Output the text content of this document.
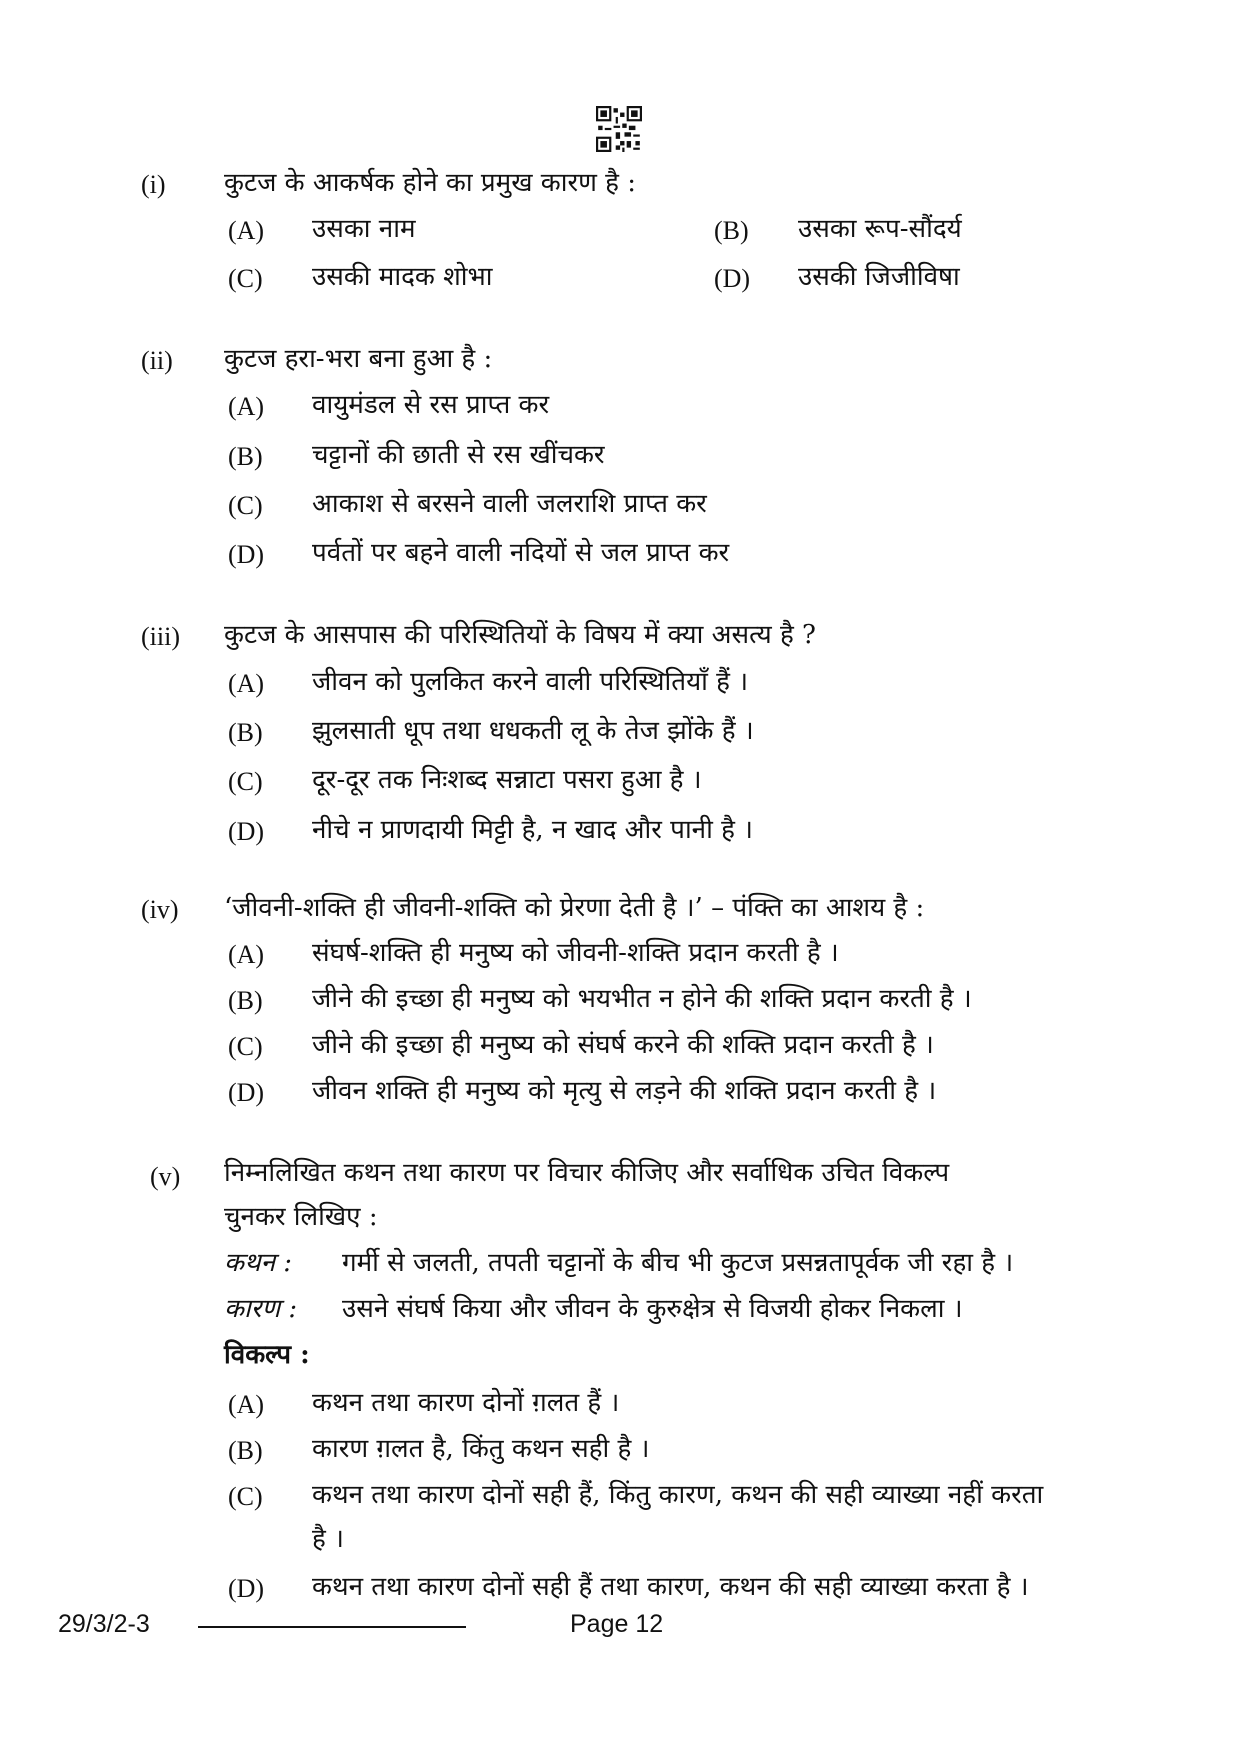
(i) कुटज के आकर्षक होने का प्रमुख कारण है :
(A) उसका नाम	(B) उसका रूप-सौंदर्य
(C) उसकी मादक शोभा	(D) उसकी जिजीविषा
(ii) कुटज हरा-भरा बना हुआ है :
(A) वायुमंडल से रस प्राप्त कर
(B) चट्टानों की छाती से रस खींचकर
(C) आकाश से बरसने वाली जलराशि प्राप्त कर
(D) पर्वतों पर बहने वाली नदियों से जल प्राप्त कर
(iii) कुटज के आसपास की परिस्थितियों के विषय में क्या असत्य है ?
(A) जीवन को पुलकित करने वाली परिस्थितियाँ हैं ।
(B) झुलसाती धूप तथा धधकती लू के तेज झोंके हैं ।
(C) दूर-दूर तक निःशब्द सन्नाटा पसरा हुआ है ।
(D) नीचे न प्राणदायी मिट्टी है, न खाद और पानी है ।
(iv) ‘जीवनी-शक्ति ही जीवनी-शक्ति को प्रेरणा देती है ।’ – पंक्ति का आशय है :
(A) संघर्ष-शक्ति ही मनुष्य को जीवनी-शक्ति प्रदान करती है ।
(B) जीने की इच्छा ही मनुष्य को भयभीत न होने की शक्ति प्रदान करती है ।
(C) जीने की इच्छा ही मनुष्य को संघर्ष करने की शक्ति प्रदान करती है ।
(D) जीवन शक्ति ही मनुष्य को मृत्यु से लड़ने की शक्ति प्रदान करती है ।
(v) निम्नलिखित कथन तथा कारण पर विचार कीजिए और सर्वाधिक उचित विकल्प
चुनकर लिखिए :
कथन : गर्मी से जलती, तपती चट्टानों के बीच भी कुटज प्रसन्नतापूर्वक जी रहा है ।
कारण : उसने संघर्ष किया और जीवन के कुरुक्षेत्र से विजयी होकर निकला ।
विकल्प :
(A) कथन तथा कारण दोनों ग़लत हैं ।
(B) कारण ग़लत है, किंतु कथन सही है ।
(C) कथन तथा कारण दोनों सही हैं, किंतु कारण, कथन की सही व्याख्या नहीं करता
है ।
(D) कथन तथा कारण दोनों सही हैं तथा कारण, कथन की सही व्याख्या करता है ।
29/3/2-3	Page 12
